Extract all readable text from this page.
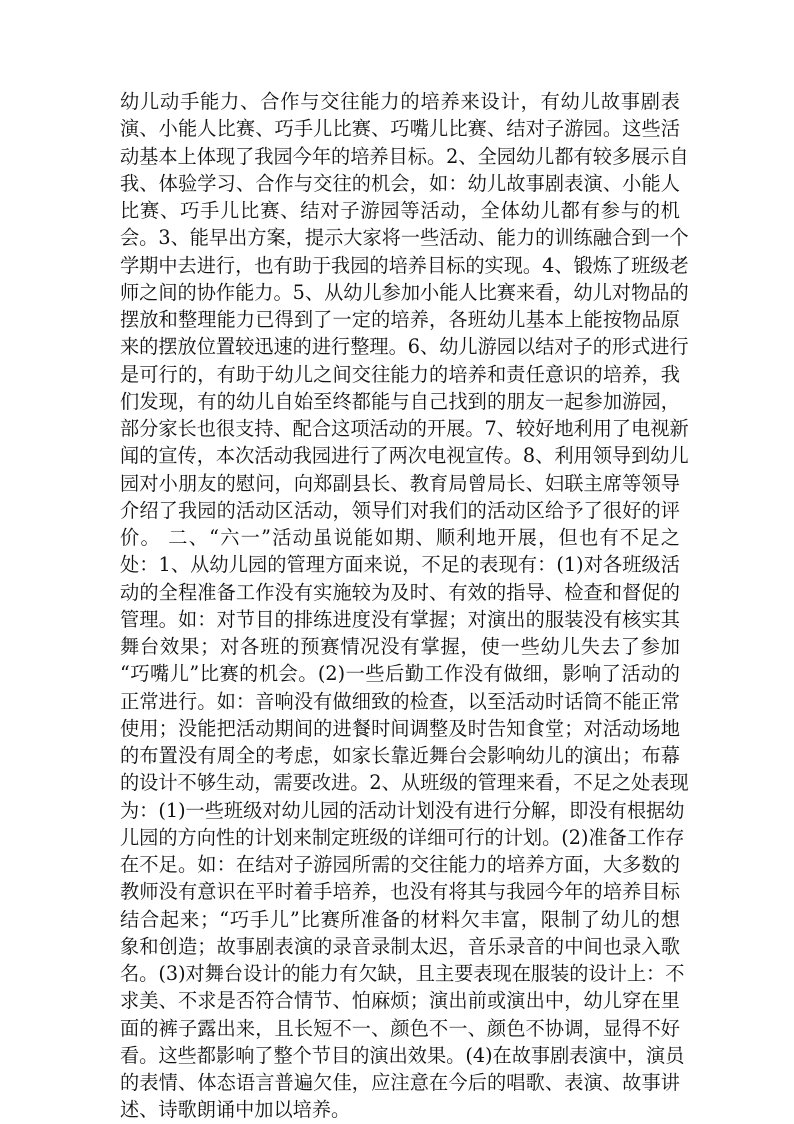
幼儿动手能力、合作与交往能力的培养来设计，有幼儿故事剧表
演、小能人比赛、巧手儿比赛、巧嘴儿比赛、结对子游园。这些活
动基本上体现了我园今年的培养目标。2、全园幼儿都有较多展示自
我、体验学习、合作与交往的机会，如：幼儿故事剧表演、小能人
比赛、巧手儿比赛、结对子游园等活动，全体幼儿都有参与的机
会。3、能早出方案，提示大家将一些活动、能力的训练融合到一个
学期中去进行，也有助于我园的培养目标的实现。4、锻炼了班级老
师之间的协作能力。5、从幼儿参加小能人比赛来看，幼儿对物品的
摆放和整理能力已得到了一定的培养，各班幼儿基本上能按物品原
来的摆放位置较迅速的进行整理。6、幼儿游园以结对子的形式进行
是可行的，有助于幼儿之间交往能力的培养和责任意识的培养，我
们发现，有的幼儿自始至终都能与自己找到的朋友一起参加游园，
部分家长也很支持、配合这项活动的开展。7、较好地利用了电视新
闻的宣传，本次活动我园进行了两次电视宣传。8、利用领导到幼儿
园对小朋友的慰问，向郑副县长、教育局曾局长、妇联主席等领导
介绍了我园的活动区活动，领导们对我们的活动区给予了很好的评
价。 二、“六一”活动虽说能如期、顺利地开展，但也有不足之
处：1、从幼儿园的管理方面来说，不足的表现有：(1)对各班级活
动的全程准备工作没有实施较为及时、有效的指导、检查和督促的
管理。如：对节目的排练进度没有掌握；对演出的服装没有核实其
舞台效果；对各班的预赛情况没有掌握，使一些幼儿失去了参加
“巧嘴儿”比赛的机会。(2)一些后勤工作没有做细，影响了活动的
正常进行。如：音响没有做细致的检查，以至活动时话筒不能正常
使用；没能把活动期间的进餐时间调整及时告知食堂；对活动场地
的布置没有周全的考虑，如家长靠近舞台会影响幼儿的演出；布幕
的设计不够生动，需要改进。2、从班级的管理来看，不足之处表现
为：(1)一些班级对幼儿园的活动计划没有进行分解，即没有根据幼
儿园的方向性的计划来制定班级的详细可行的计划。(2)准备工作存
在不足。如：在结对子游园所需的交往能力的培养方面，大多数的
教师没有意识在平时着手培养，也没有将其与我园今年的培养目标
结合起来；“巧手儿”比赛所准备的材料欠丰富，限制了幼儿的想
象和创造；故事剧表演的录音录制太迟，音乐录音的中间也录入歌
名。(3)对舞台设计的能力有欠缺，且主要表现在服装的设计上：不
求美、不求是否符合情节、怕麻烦；演出前或演出中，幼儿穿在里
面的裤子露出来，且长短不一、颜色不一、颜色不协调，显得不好
看。这些都影响了整个节目的演出效果。(4)在故事剧表演中，演员
的表情、体态语言普遍欠佳，应注意在今后的唱歌、表演、故事讲
述、诗歌朗诵中加以培养。
